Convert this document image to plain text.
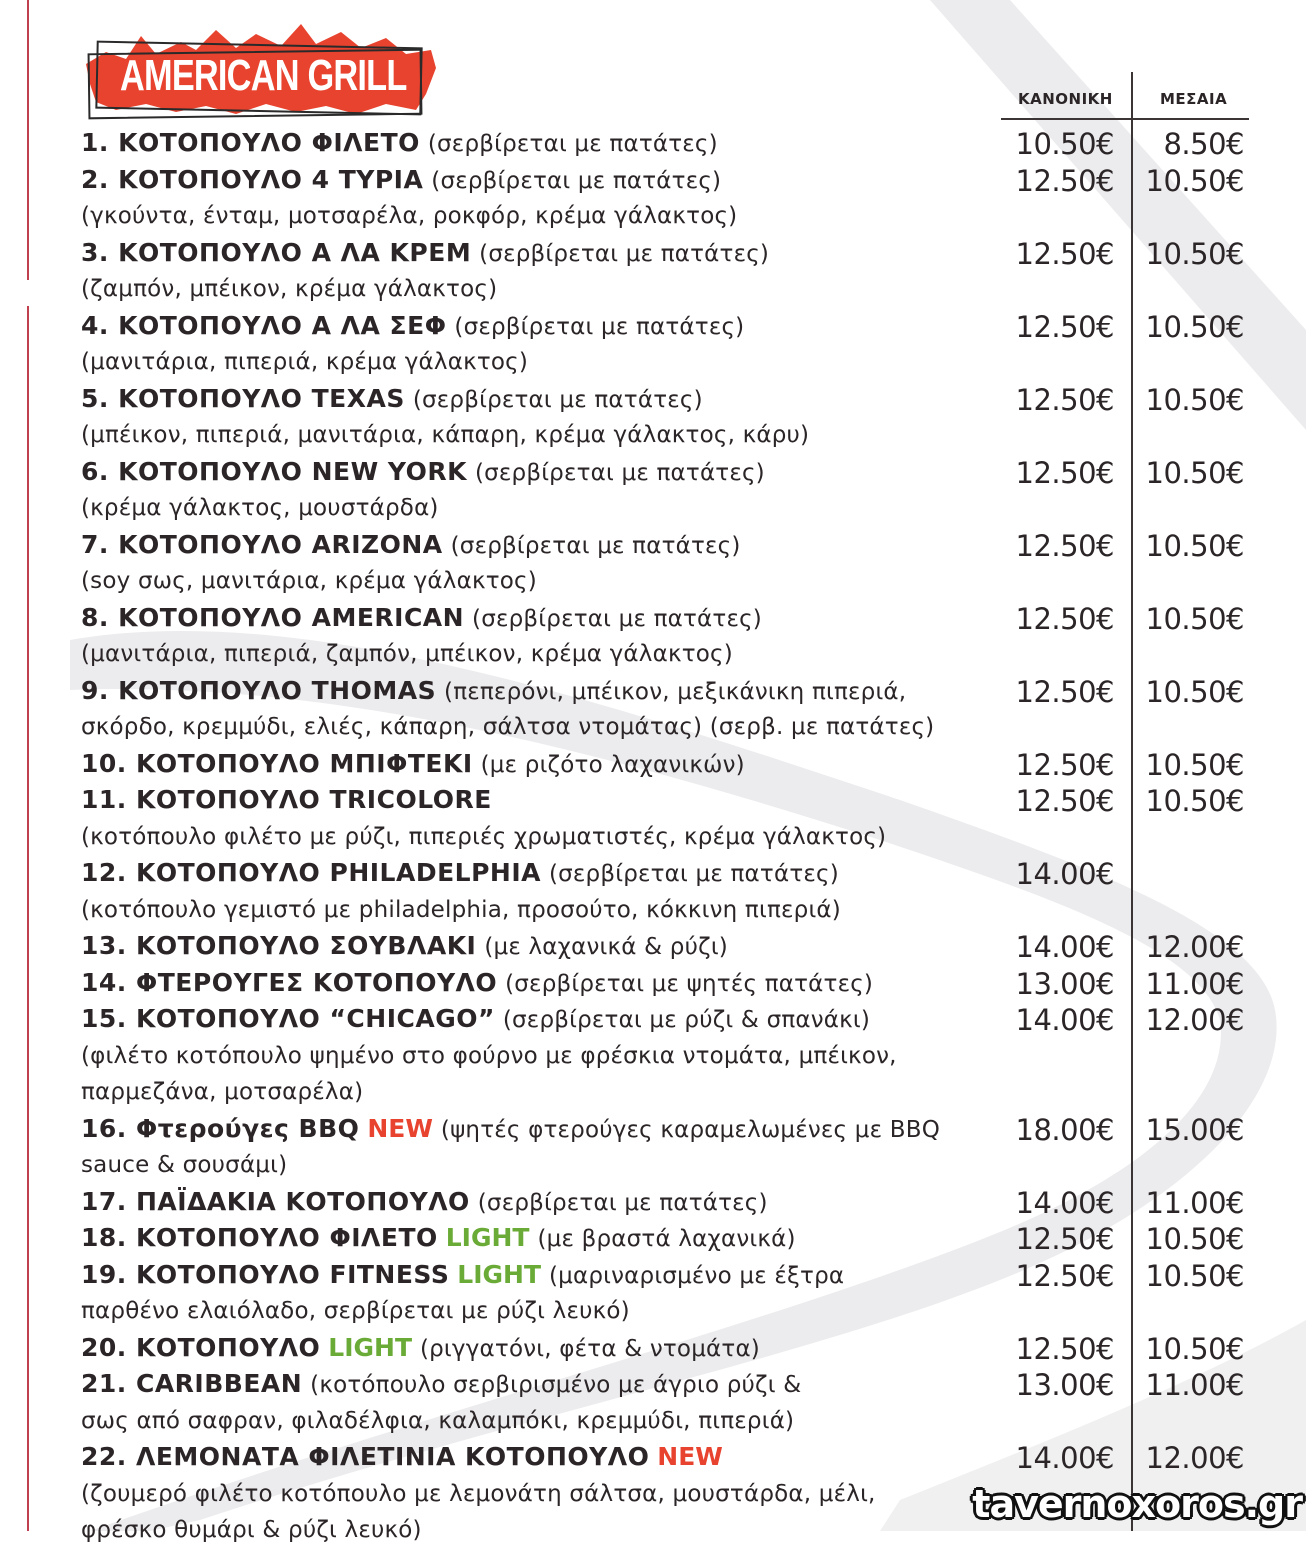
AMERICAN GRILL	ΚΑΝΟΝΙΚΗ	ΜΕΣΑΙΑ
1. ΚΟΤΟΠΟΥΛΟ ΦΙΛΕΤΟ (σερβίρεται με πατάτες)	10.50€	8.50€
2. ΚΟΤΟΠΟΥΛΟ 4 ΤΥΡΙΑ (σερβίρεται με πατάτες)	12.50€ 10.50€
(γκούντα, ένταμ, μοτσαρέλα, ροκφόρ, κρέμα γάλακτος)
3. ΚΟΤΟΠΟΥΛΟ Α ΛΑ ΚΡΕΜ (σερβίρεται με πατάτες)	12.50€ 10.50€
(ζαμπόν, μπέικον, κρέμα γάλακτος)
4. ΚΟΤΟΠΟΥΛΟ Α ΛΑ ΣΕΦ (σερβίρεται με πατάτες)	12.50€ 10.50€
(μανιτάρια, πιπεριά, κρέμα γάλακτος)
5. ΚΟΤΟΠΟΥΛΟ TEXAS (σερβίρεται με πατάτες)	12.50€ 10.50€
(μπέικον, πιπεριά, μανιτάρια, κάπαρη, κρέμα γάλακτος, κάρυ)
6. ΚΟΤΟΠΟΥΛΟ NEW YORK (σερβίρεται με πατάτες)	12.50€ 10.50€
(κρέμα γάλακτος, μουστάρδα)
7. ΚΟΤΟΠΟΥΛΟ ARIZONA (σερβίρεται με πατάτες)	12.50€ 10.50€
(soy σως, μανιτάρια, κρέμα γάλακτος)
8. ΚΟΤΟΠΟΥΛΟ AMERICAN (σερβίρεται με πατάτες)	12.50€ 10.50€
(μανιτάρια, πιπεριά, ζαμπόν, μπέικον, κρέμα γάλακτος)
9. ΚΟΤΟΠΟΥΛΟ THOMAS (πεπερόνι, μπέικον, μεξικάνικη πιπεριά,	12.50€ 10.50€
σκόρδο, κρεμμύδι, ελιές, κάπαρη, σάλτσα ντομάτας) (σερβ. με πατάτες)
10. ΚΟΤΟΠΟΥΛΟ ΜΠΙΦΤΕΚΙ (με ριζότο λαχανικών)	12.50€ 10.50€
11. ΚΟΤΟΠΟΥΛΟ TRICOLORE	12.50€ 10.50€
(κοτόπουλο φιλέτο με ρύζι, πιπεριές χρωματιστές, κρέμα γάλακτος)
12. ΚΟΤΟΠΟΥΛΟ PHILADELPHIA (σερβίρεται με πατάτες)	14.00€
(κοτόπουλο γεμιστό με philadelphia, προσούτο, κόκκινη πιπεριά)
13. ΚΟΤΟΠΟΥΛΟ ΣΟΥΒΛΑΚΙ (με λαχανικά & ρύζι)	14.00€ 12.00€
14. ΦΤΕΡΟΥΓΕΣ ΚΟΤΟΠΟΥΛΟ (σερβίρεται με ψητές πατάτες)	13.00€ 11.00€
15. ΚΟΤΟΠΟΥΛΟ “CHICAGO” (σερβίρεται με ρύζι & σπανάκι)	14.00€ 12.00€
(φιλέτο κοτόπουλο ψημένο στο φούρνο με φρέσκια ντομάτα, μπέικον,
παρμεζάνα, μοτσαρέλα)
16. Φτερούγες BBQ NEW (ψητές φτερούγες καραμελωμένες με BBQ	18.00€ 15.00€
sauce & σουσάμι)
17. ΠΑΪΔΑΚΙΑ ΚΟΤΟΠΟΥΛΟ (σερβίρεται με πατάτες)	14.00€ 11.00€
18. ΚΟΤΟΠΟΥΛΟ ΦΙΛΕΤΟ LIGHT (με βραστά λαχανικά)	12.50€ 10.50€
19. ΚΟΤΟΠΟΥΛΟ FITNESS LIGHT (μαριναρισμένο με έξτρα	12.50€ 10.50€
παρθένο ελαιόλαδο, σερβίρεται με ρύζι λευκό)
20. ΚΟΤΟΠΟΥΛΟ LIGHT (ριγγατόνι, φέτα & ντομάτα)	12.50€ 10.50€
21. CARIBBEAN (κοτόπουλο σερβιρισμένο με άγριο ρύζι &	13.00€ 11.00€
σως από σαφραν, φιλαδέλφια, καλαμπόκι, κρεμμύδι, πιπεριά)
22. ΛΕΜΟΝΑΤΑ ΦΙΛΕΤΙΝΙΑ ΚΟΤΟΠΟΥΛΟ NEW	14.00€ 12.00€
(ζουμερό φιλέτο κοτόπουλο με λεμονάτη σάλτσα, μουστάρδα, μέλι,
φρέσκο θυμάρι & ρύζι λευκό)
tavernoxoros.gr
